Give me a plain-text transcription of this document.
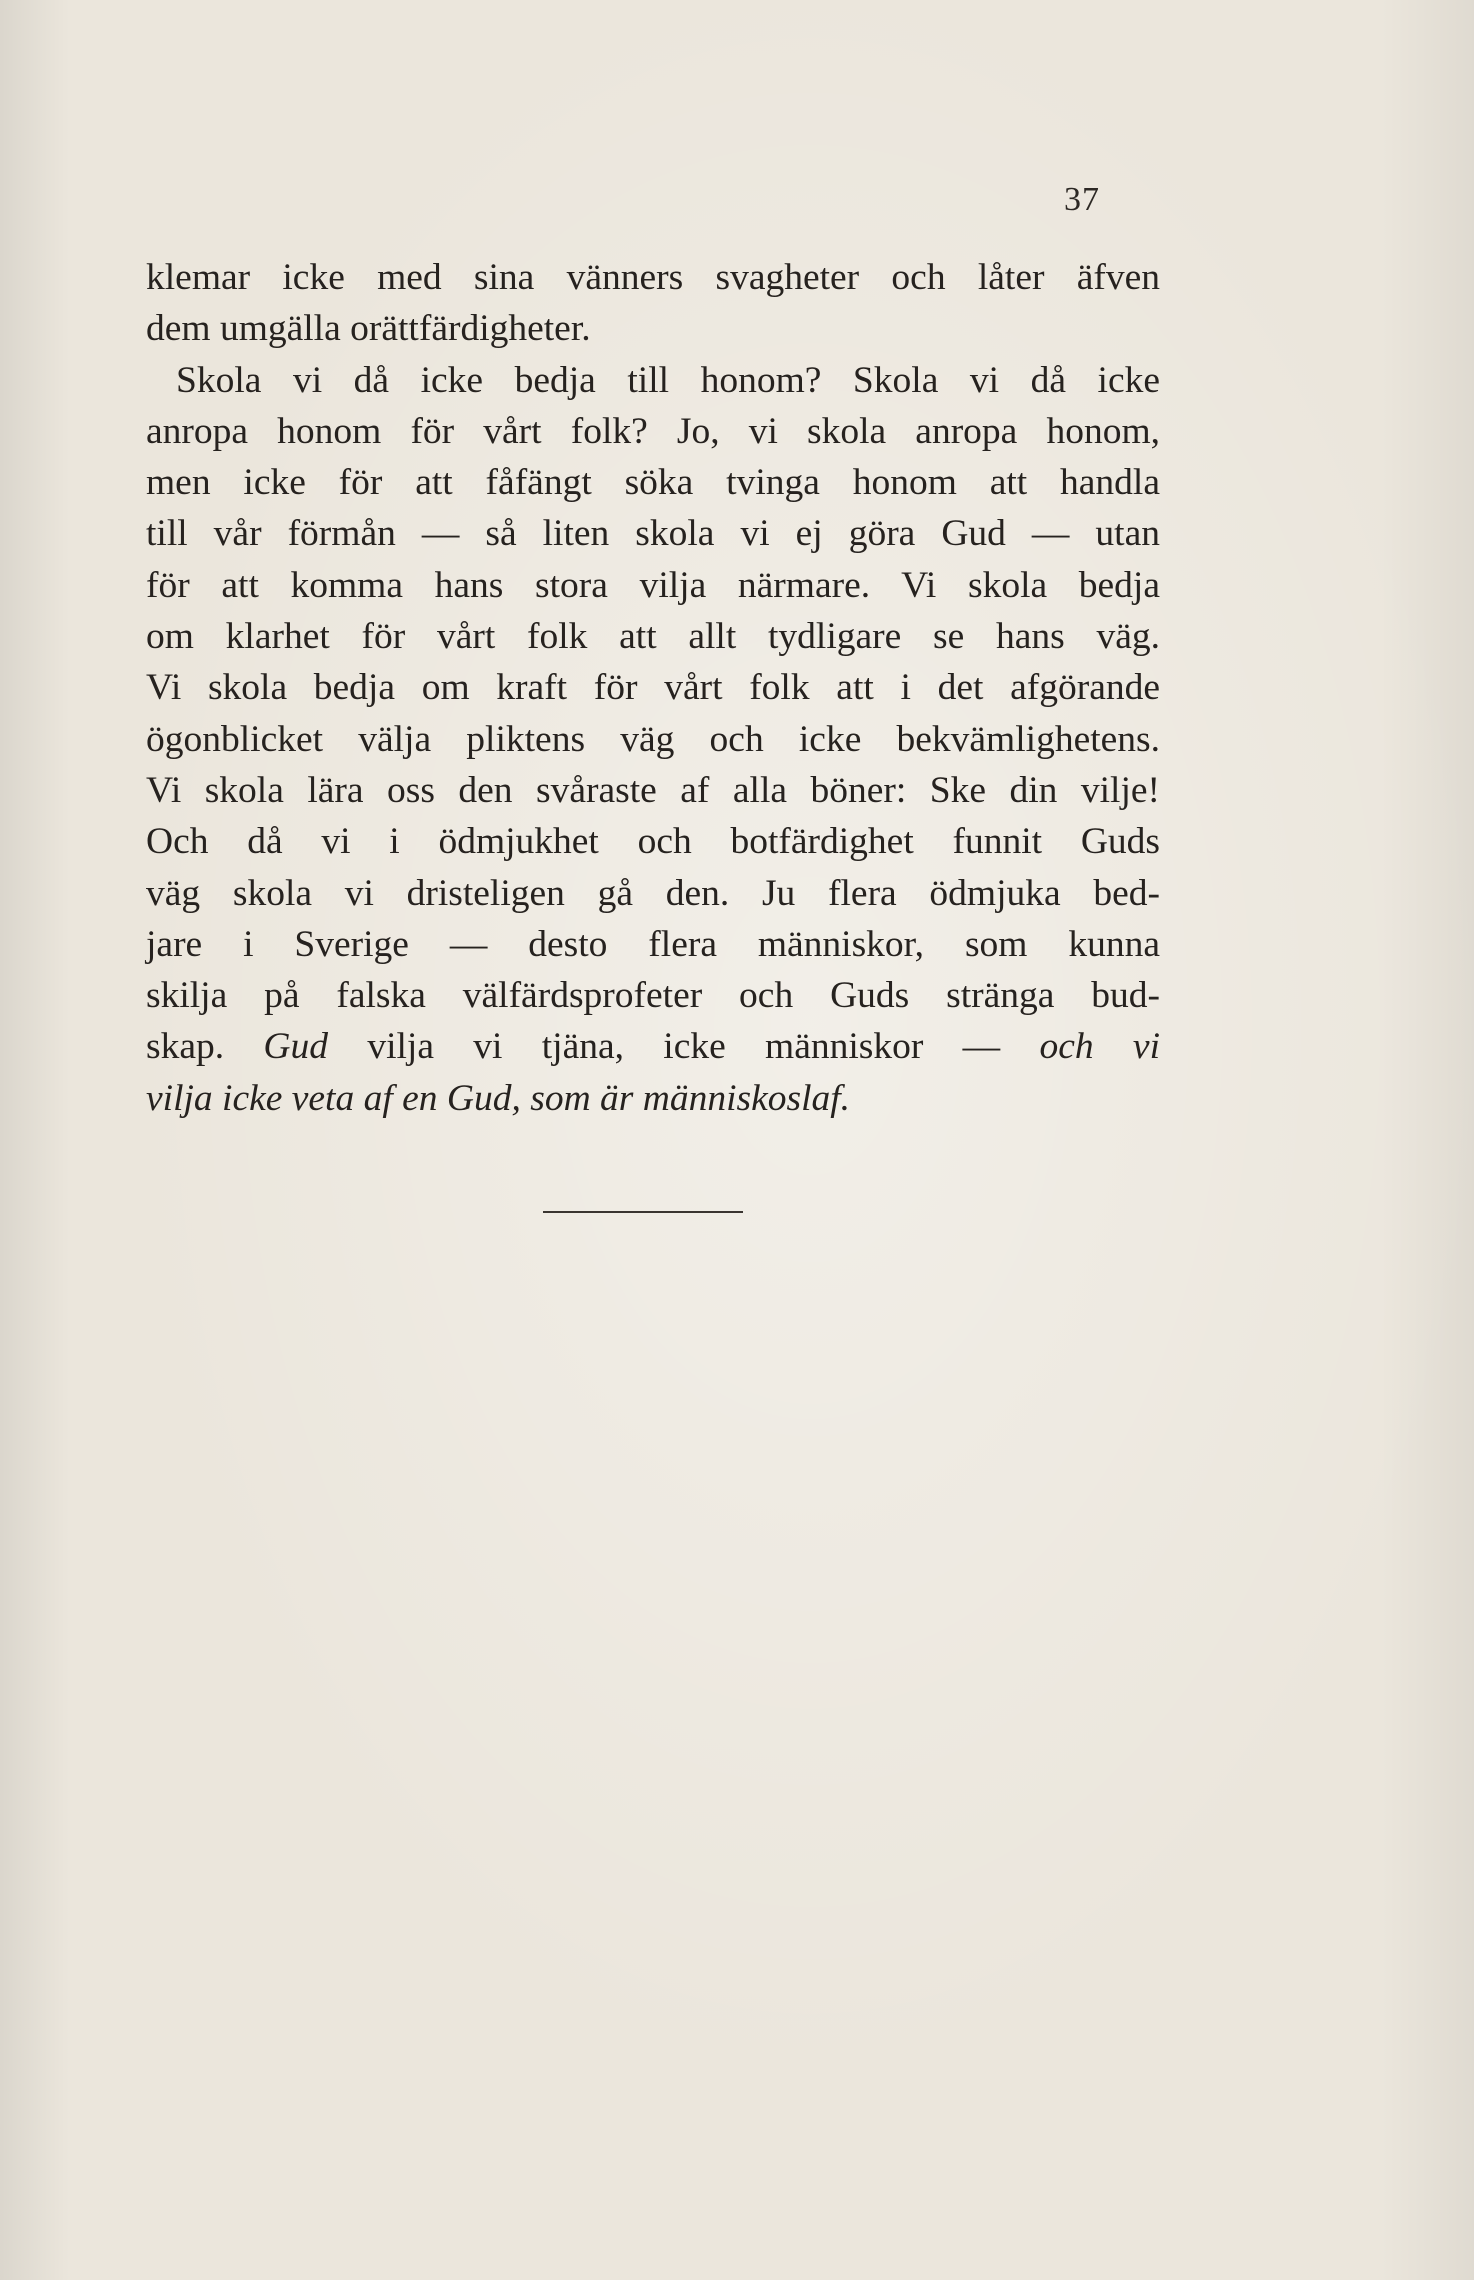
37
klemar icke med sina vänners svagheter och låter äfven
dem umgälla orättfärdigheter.
Skola vi då icke bedja till honom? Skola vi då icke
anropa honom för vårt folk? Jo, vi skola anropa honom,
men icke för att fåfängt söka tvinga honom att handla
till vår förmån — så liten skola vi ej göra Gud — utan
för att komma hans stora vilja närmare. Vi skola bedja
om klarhet för vårt folk att allt tydligare se hans väg.
Vi skola bedja om kraft för vårt folk att i det afgörande
ögonblicket välja pliktens väg och icke bekvämlighetens.
Vi skola lära oss den svåraste af alla böner: Ske din vilje!
Och då vi i ödmjukhet och botfärdighet funnit Guds
väg skola vi dristeligen gå den. Ju flera ödmjuka bed-
jare i Sverige — desto flera människor, som kunna
skilja på falska välfärdsprofeter och Guds stränga bud-
skap. Gud vilja vi tjäna, icke människor — och vi
vilja icke veta af en Gud, som är människoslaf.
